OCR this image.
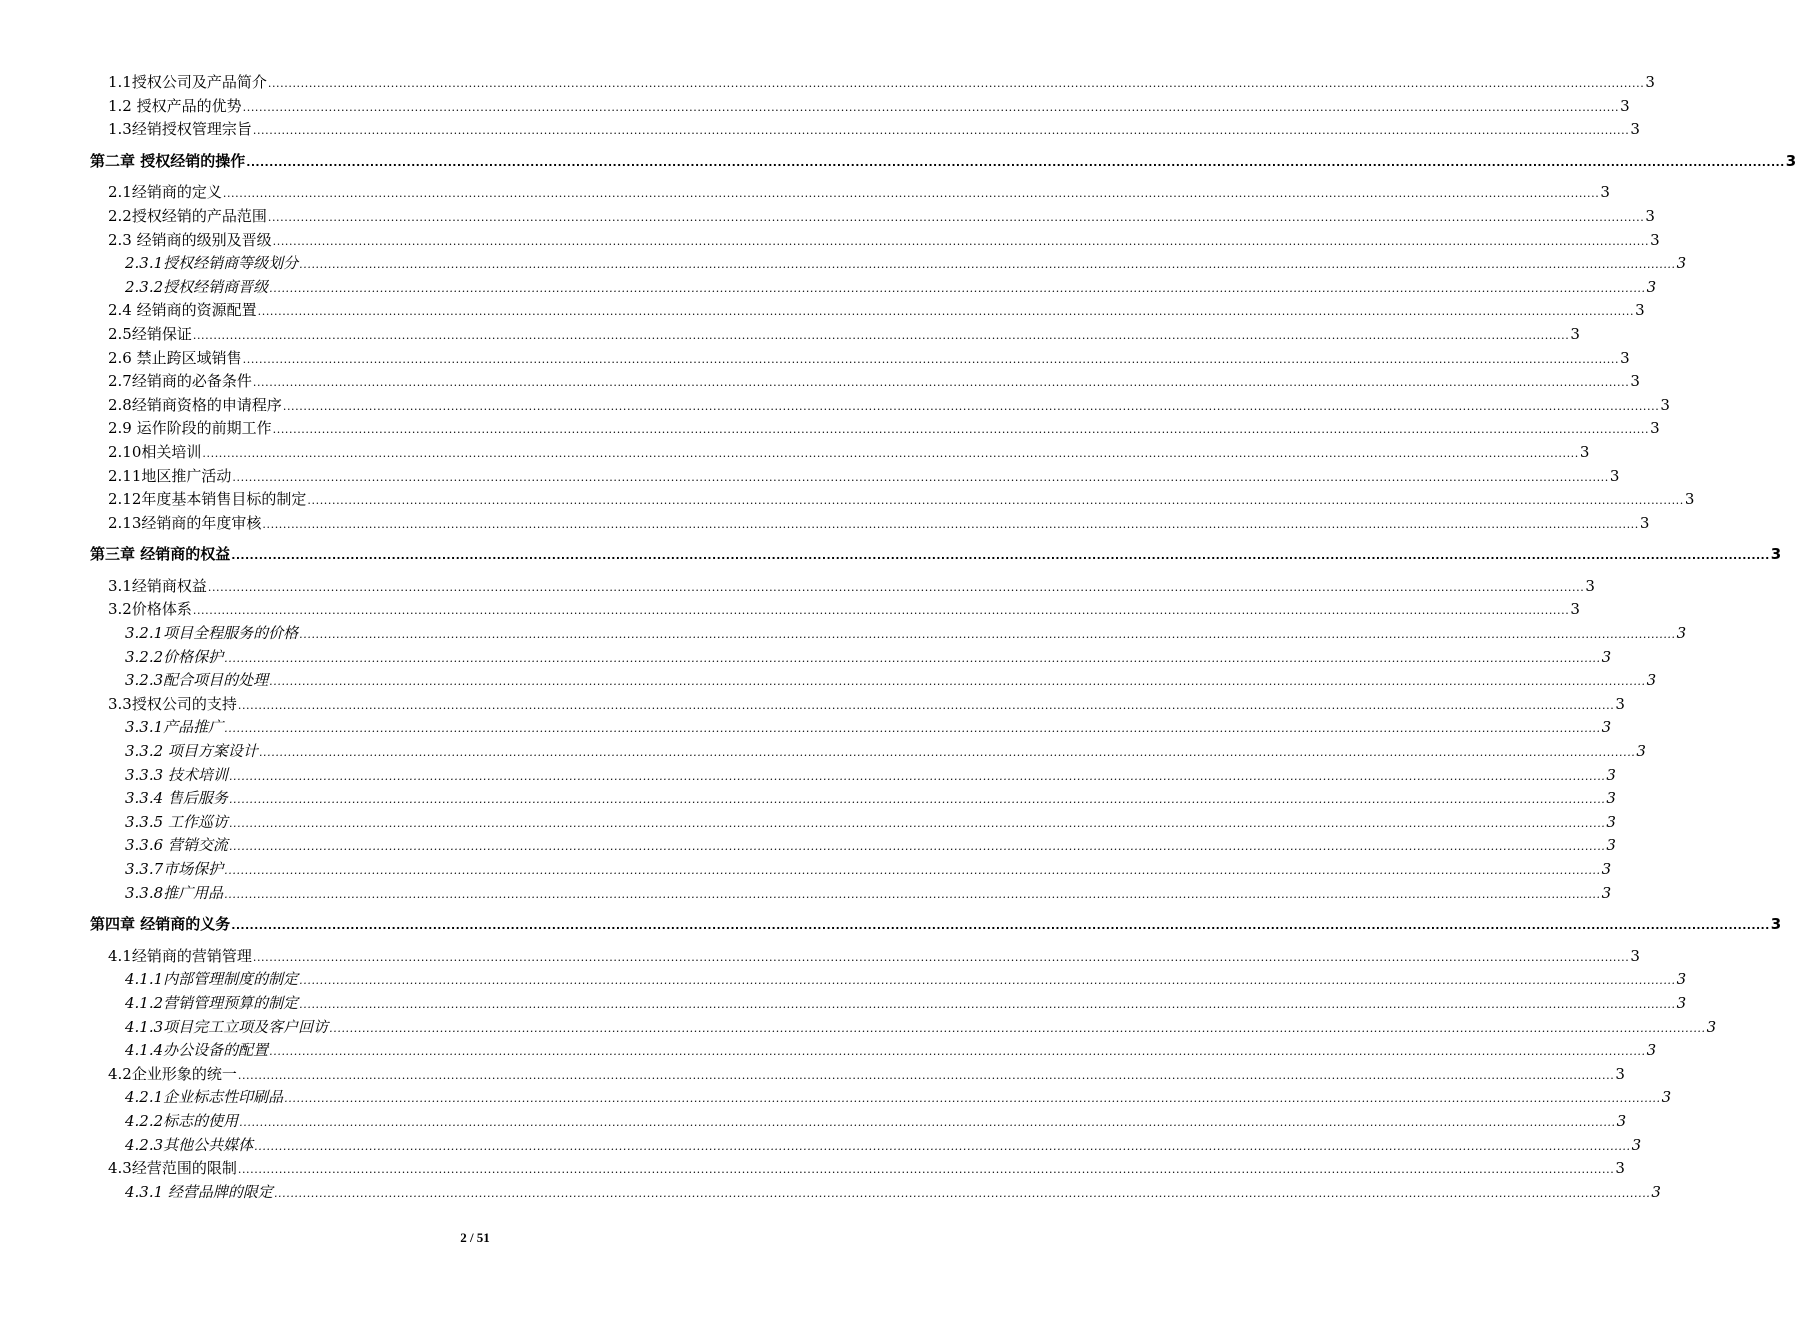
1.1授权公司及产品简介 ................................................................................................................................................................................................................................................................................................................................................ 3
1.2 授权产品的优势 ................................................................................................................................................................................................................................................................................................................................................ 3
1.3经销授权管理宗旨 ................................................................................................................................................................................................................................................................................................................................................ 3
第二章 授权经销的操作 ................................................................................................................................................................................................................................................................................................................................................ 3
2.1经销商的定义 ................................................................................................................................................................................................................................................................................................................................................ 3
2.2授权经销的产品范围 ................................................................................................................................................................................................................................................................................................................................................ 3
2.3 经销商的级别及晋级 ................................................................................................................................................................................................................................................................................................................................................ 3
2.3.1授权经销商等级划分 ................................................................................................................................................................................................................................................................................................................................................ 3
2.3.2授权经销商晋级 ................................................................................................................................................................................................................................................................................................................................................ 3
2.4 经销商的资源配置 ................................................................................................................................................................................................................................................................................................................................................ 3
2.5经销保证 ................................................................................................................................................................................................................................................................................................................................................ 3
2.6 禁止跨区域销售 ................................................................................................................................................................................................................................................................................................................................................ 3
2.7经销商的必备条件 ................................................................................................................................................................................................................................................................................................................................................ 3
2.8经销商资格的申请程序 ................................................................................................................................................................................................................................................................................................................................................ 3
2.9 运作阶段的前期工作 ................................................................................................................................................................................................................................................................................................................................................ 3
2.10相关培训 ................................................................................................................................................................................................................................................................................................................................................ 3
2.11地区推广活动 ................................................................................................................................................................................................................................................................................................................................................ 3
2.12年度基本销售目标的制定 ................................................................................................................................................................................................................................................................................................................................................ 3
2.13经销商的年度审核 ................................................................................................................................................................................................................................................................................................................................................ 3
第三章 经销商的权益 ................................................................................................................................................................................................................................................................................................................................................ 3
3.1经销商权益 ................................................................................................................................................................................................................................................................................................................................................ 3
3.2价格体系 ................................................................................................................................................................................................................................................................................................................................................ 3
3.2.1项目全程服务的价格 ................................................................................................................................................................................................................................................................................................................................................ 3
3.2.2价格保护 ................................................................................................................................................................................................................................................................................................................................................ 3
3.2.3配合项目的处理 ................................................................................................................................................................................................................................................................................................................................................ 3
3.3授权公司的支持 ................................................................................................................................................................................................................................................................................................................................................ 3
3.3.1产品推广 ................................................................................................................................................................................................................................................................................................................................................ 3
3.3.2 项目方案设计 ................................................................................................................................................................................................................................................................................................................................................ 3
3.3.3 技术培训 ................................................................................................................................................................................................................................................................................................................................................ 3
3.3.4 售后服务 ................................................................................................................................................................................................................................................................................................................................................ 3
3.3.5 工作巡访 ................................................................................................................................................................................................................................................................................................................................................ 3
3.3.6 营销交流 ................................................................................................................................................................................................................................................................................................................................................ 3
3.3.7市场保护 ................................................................................................................................................................................................................................................................................................................................................ 3
3.3.8推广用品 ................................................................................................................................................................................................................................................................................................................................................ 3
第四章 经销商的义务 ................................................................................................................................................................................................................................................................................................................................................ 3
4.1经销商的营销管理 ................................................................................................................................................................................................................................................................................................................................................ 3
4.1.1内部管理制度的制定 ................................................................................................................................................................................................................................................................................................................................................ 3
4.1.2营销管理预算的制定 ................................................................................................................................................................................................................................................................................................................................................ 3
4.1.3项目完工立项及客户回访 ................................................................................................................................................................................................................................................................................................................................................ 3
4.1.4办公设备的配置 ................................................................................................................................................................................................................................................................................................................................................ 3
4.2企业形象的统一 ................................................................................................................................................................................................................................................................................................................................................ 3
4.2.1企业标志性印刷品 ................................................................................................................................................................................................................................................................................................................................................ 3
4.2.2标志的使用 ................................................................................................................................................................................................................................................................................................................................................ 3
4.2.3其他公共媒体 ................................................................................................................................................................................................................................................................................................................................................ 3
4.3经营范围的限制 ................................................................................................................................................................................................................................................................................................................................................ 3
4.3.1 经营品牌的限定 ................................................................................................................................................................................................................................................................................................................................................ 3
2 / 51
